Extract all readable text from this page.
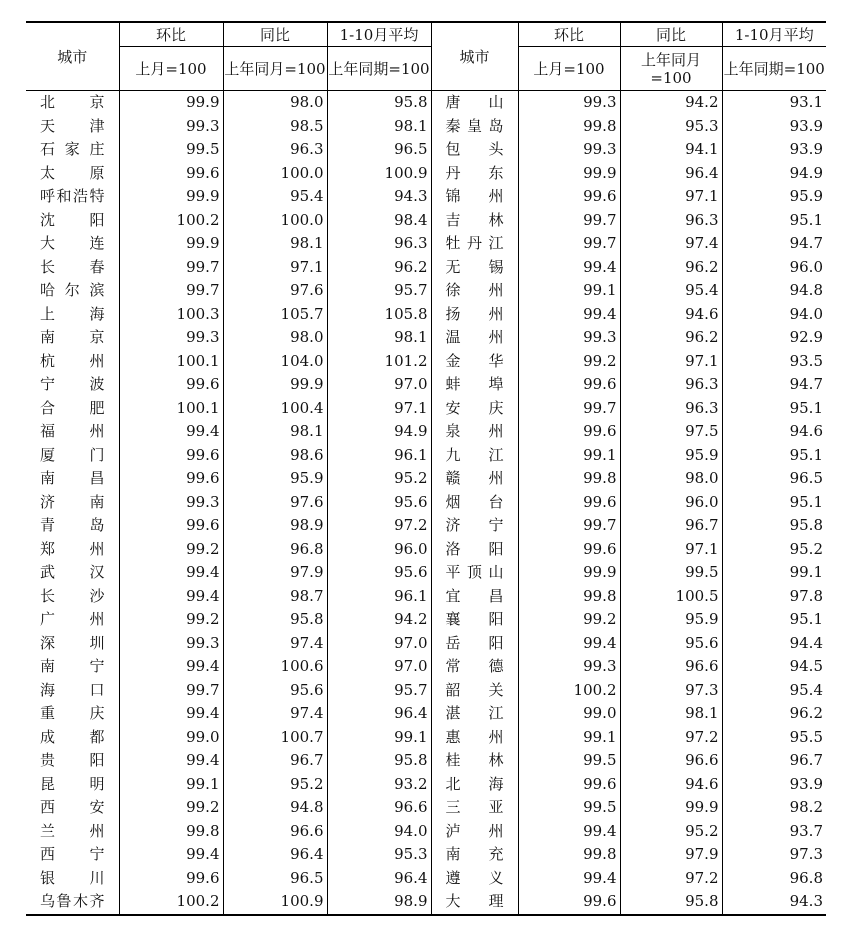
城市	环比	同比	1-10月平均	城市	环比	同比	1-10月平均
	上月=100	上年同月=100	上年同期=100		上月=100	上年同月=100	上年同期=100
北京	99.9	98.0	95.8	唐山	99.3	94.2	93.1
天津	99.3	98.5	98.1	秦皇岛	99.8	95.3	93.9
石家庄	99.5	96.3	96.5	包头	99.3	94.1	93.9
太原	99.6	100.0	100.9	丹东	99.9	96.4	94.9
呼和浩特	99.9	95.4	94.3	锦州	99.6	97.1	95.9
沈阳	100.2	100.0	98.4	吉林	99.7	96.3	95.1
大连	99.9	98.1	96.3	牡丹江	99.7	97.4	94.7
长春	99.7	97.1	96.2	无锡	99.4	96.2	96.0
哈尔滨	99.7	97.6	95.7	徐州	99.1	95.4	94.8
上海	100.3	105.7	105.8	扬州	99.4	94.6	94.0
南京	99.3	98.0	98.1	温州	99.3	96.2	92.9
杭州	100.1	104.0	101.2	金华	99.2	97.1	93.5
宁波	99.6	99.9	97.0	蚌埠	99.6	96.3	94.7
合肥	100.1	100.4	97.1	安庆	99.7	96.3	95.1
福州	99.4	98.1	94.9	泉州	99.6	97.5	94.6
厦门	99.6	98.6	96.1	九江	99.1	95.9	95.1
南昌	99.6	95.9	95.2	赣州	99.8	98.0	96.5
济南	99.3	97.6	95.6	烟台	99.6	96.0	95.1
青岛	99.6	98.9	97.2	济宁	99.7	96.7	95.8
郑州	99.2	96.8	96.0	洛阳	99.6	97.1	95.2
武汉	99.4	97.9	95.6	平顶山	99.9	99.5	99.1
长沙	99.4	98.7	96.1	宜昌	99.8	100.5	97.8
广州	99.2	95.8	94.2	襄阳	99.2	95.9	95.1
深圳	99.3	97.4	97.0	岳阳	99.4	95.6	94.4
南宁	99.4	100.6	97.0	常德	99.3	96.6	94.5
海口	99.7	95.6	95.7	韶关	100.2	97.3	95.4
重庆	99.4	97.4	96.4	湛江	99.0	98.1	96.2
成都	99.0	100.7	99.1	惠州	99.1	97.2	95.5
贵阳	99.4	96.7	95.8	桂林	99.5	96.6	96.7
昆明	99.1	95.2	93.2	北海	99.6	94.6	93.9
西安	99.2	94.8	96.6	三亚	99.5	99.9	98.2
兰州	99.8	96.6	94.0	泸州	99.4	95.2	93.7
西宁	99.4	96.4	95.3	南充	99.8	97.9	97.3
银川	99.6	96.5	96.4	遵义	99.4	97.2	96.8
乌鲁木齐	100.2	100.9	98.9	大理	99.6	95.8	94.3
